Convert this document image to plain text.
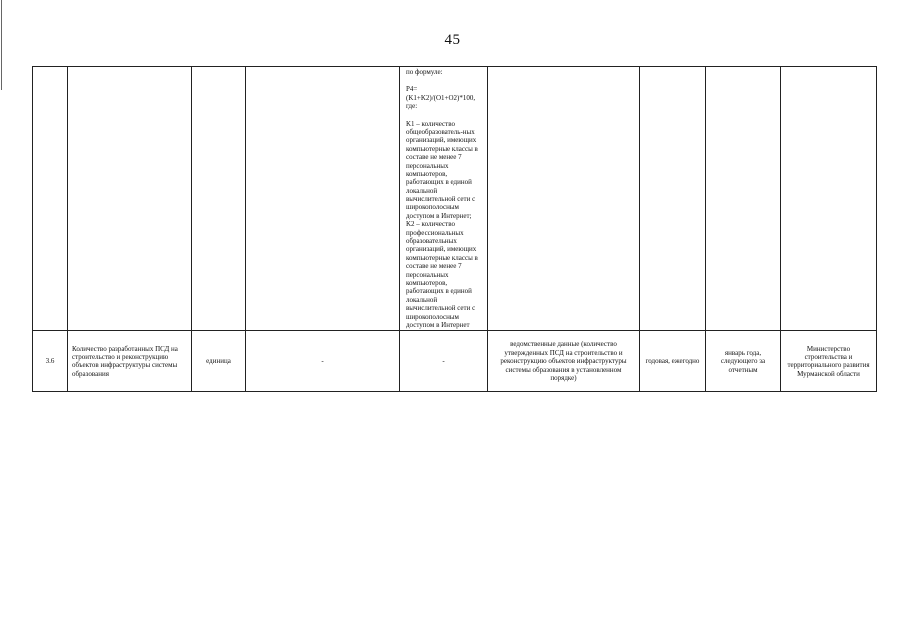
45

				по формуле:
P4=(K1+K2)/(O1+O2)*100, где:
K1 – количество общеобразователь-ных организаций, имеющих компьютерные классы в составе не менее 7 персональных компьютеров, работающих в единой локальной вычислительной сети с широкополосным доступом в Интернет;
K2 – количество профессиональных образовательных организаций, имеющих компьютерные классы в составе не менее 7 персональных компьютеров, работающих в единой локальной вычислительной сети с широкополосным доступом в Интернет				

3.6	Количество разработанных ПСД на строительство и реконструкцию объектов инфраструктуры системы образования	единица	-	-	ведомственные данные (количество утвержденных ПСД на строительство и реконструкцию объектов инфраструктуры системы образования в установленном порядке)	годовая, ежегодно	январь года, следующего за отчетным	Министерство строительства и территориального развития Мурманской области
